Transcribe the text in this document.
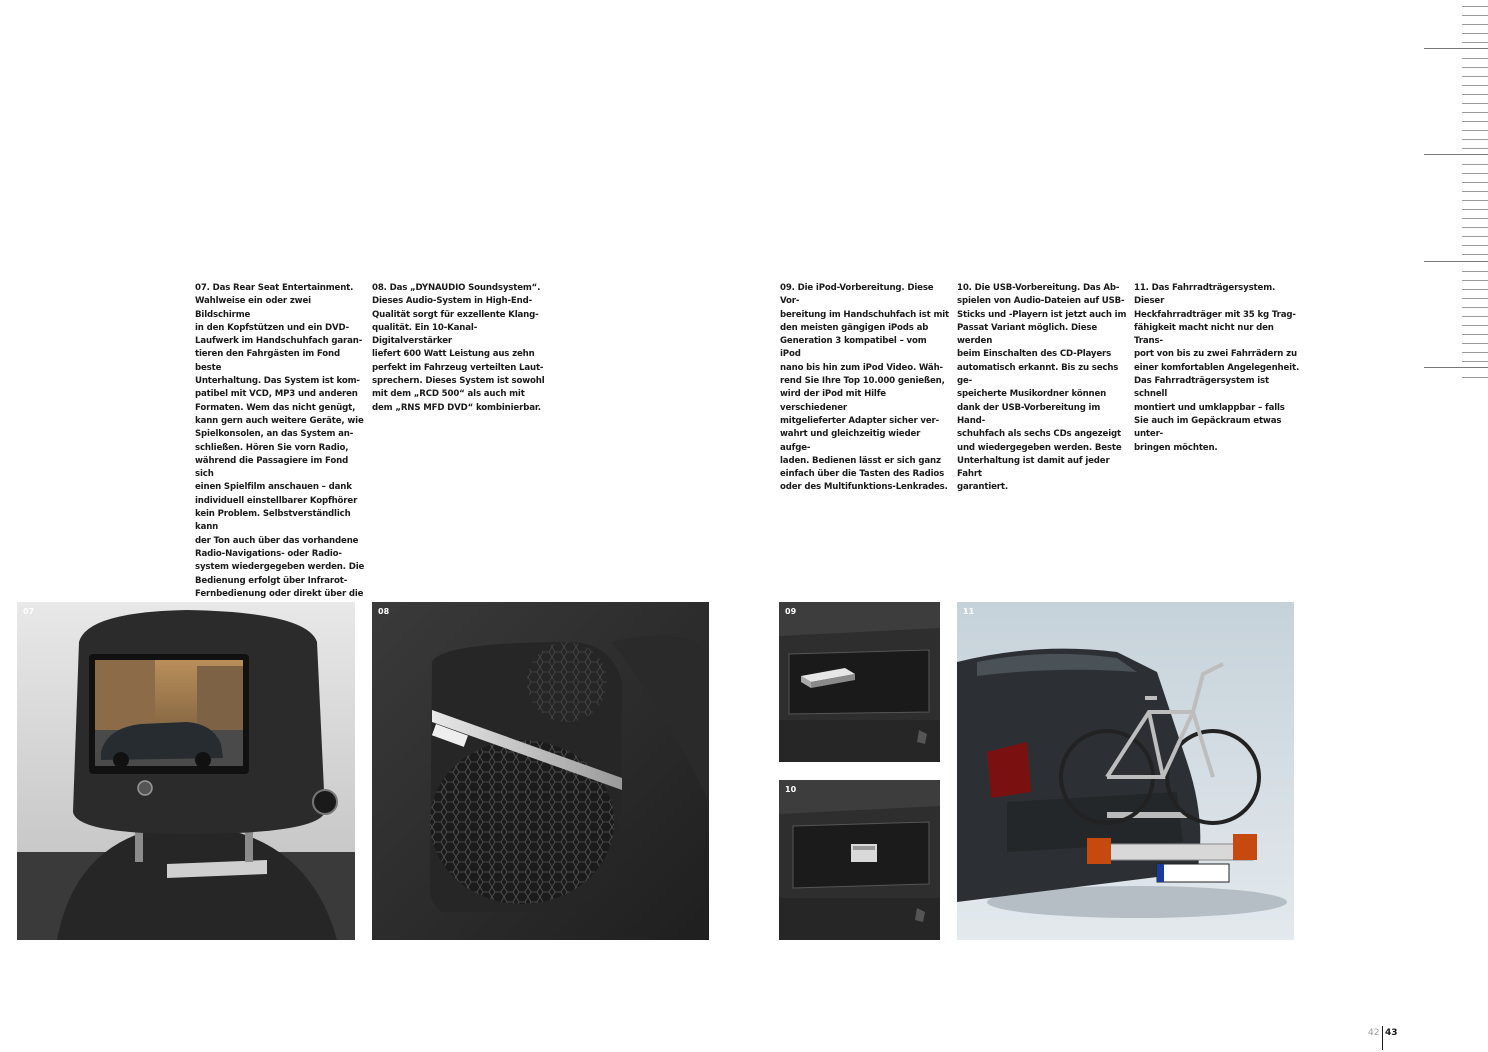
07. Das Rear Seat Entertainment.
Wahlweise ein oder zwei Bildschirme
in den Kopfstützen und ein DVD-
Laufwerk im Handschuhfach garan-
tieren den Fahrgästen im Fond beste
Unterhaltung. Das System ist kom-
patibel mit VCD, MP3 und anderen
Formaten. Wem das nicht genügt,
kann gern auch weitere Geräte, wie
Spielkonsolen, an das System an-
schließen. Hören Sie vorn Radio,
während die Passagiere im Fond sich
einen Spielfilm anschauen – dank
individuell einstellbarer Kopfhörer
kein Problem. Selbstverständlich kann
der Ton auch über das vorhandene
Radio-Navigations- oder Radio-
system wiedergegeben werden. Die
Bedienung erfolgt über Infrarot-
Fernbedienung oder direkt über die

08. Das „DYNAUDIO Soundsystem“.
Dieses Audio-System in High-End-
Qualität sorgt für exzellente Klang-
qualität. Ein 10-Kanal-Digitalverstärker
liefert 600 Watt Leistung aus zehn
perfekt im Fahrzeug verteilten Laut-
sprechern. Dieses System ist sowohl
mit dem „RCD 500“ als auch mit
dem „RNS MFD DVD“ kombinierbar.
09. Die iPod-Vorbereitung. Diese Vor-
bereitung im Handschuhfach ist mit
den meisten gängigen iPods ab
Generation 3 kompatibel – vom iPod
nano bis hin zum iPod Video. Wäh-
rend Sie Ihre Top 10.000 genießen,
wird der iPod mit Hilfe verschiedener
mitgelieferter Adapter sicher ver-
wahrt und gleichzeitig wieder aufge-
laden. Bedienen lässt er sich ganz
einfach über die Tasten des Radios
oder des Multifunktions-Lenkrades.
10. Die USB-Vorbereitung. Das Ab-
spielen von Audio-Dateien auf USB-
Sticks und -Playern ist jetzt auch im
Passat Variant möglich. Diese werden
beim Einschalten des CD-Players
automatisch erkannt. Bis zu sechs ge-
speicherte Musikordner können
dank der USB-Vorbereitung im Hand-
schuhfach als sechs CDs angezeigt
und wiedergegeben werden. Beste
Unterhaltung ist damit auf jeder Fahrt
garantiert.
11. Das Fahrradträgersystem. Dieser
Heckfahrradträger mit 35 kg Trag-
fähigkeit macht nicht nur den Trans-
port von bis zu zwei Fahrrädern zu
einer komfortablen Angelegenheit.
Das Fahrradträgersystem ist schnell
montiert und umklappbar – falls
Sie auch im Gepäckraum etwas unter-
bringen möchten.
07	08	09
10
11
42 43
